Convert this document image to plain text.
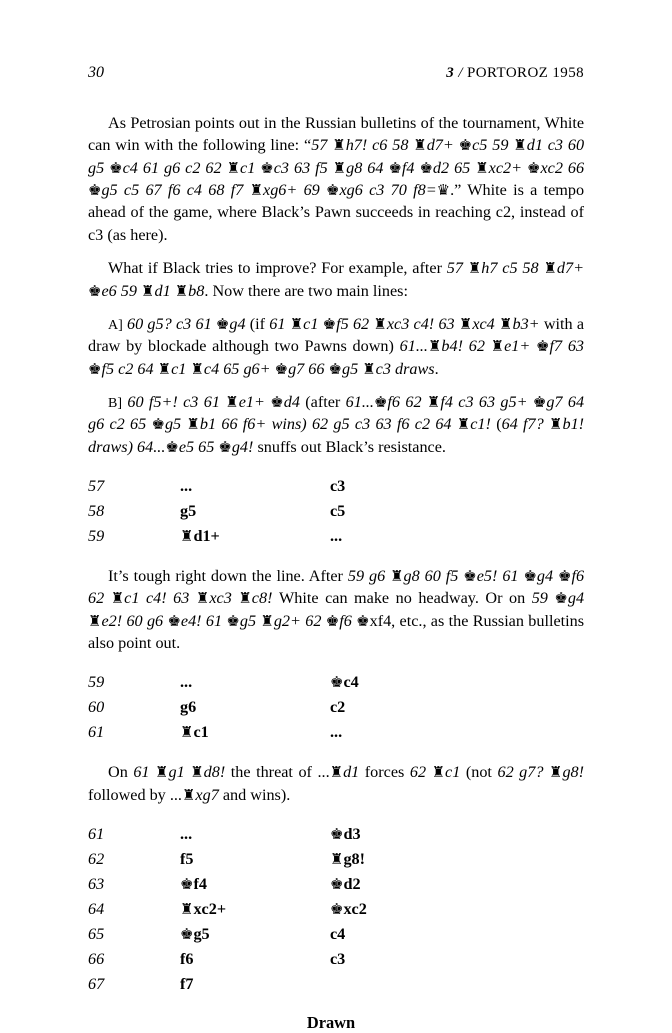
30	3 / PORTOROZ 1958

As Petrosian points out in the Russian bulletins of the tournament, White can win with the following line: “57 ♜h7! c6 58 ♜d7+ ♚c5 59 ♜d1 c3 60 g5 ♚c4 61 g6 c2 62 ♜c1 ♚c3 63 f5 ♜g8 64 ♚f4 ♚d2 65 ♜xc2+ ♚xc2 66 ♚g5 c5 67 f6 c4 68 f7 ♜xg6+ 69 ♚xg6 c3 70 f8=♛.” White is a tempo ahead of the game, where Black’s Pawn succeeds in reaching c2, instead of c3 (as here).

What if Black tries to improve? For example, after 57 ♜h7 c5 58 ♜d7+ ♚e6 59 ♜d1 ♜b8. Now there are two main lines:

A] 60 g5? c3 61 ♚g4 (if 61 ♜c1 ♚f5 62 ♜xc3 c4! 63 ♜xc4 ♜b3+ with a draw by blockade although two Pawns down) 61...♜b4! 62 ♜e1+ ♚f7 63 ♚f5 c2 64 ♜c1 ♜c4 65 g6+ ♚g7 66 ♚g5 ♜c3 draws.

B] 60 f5+! c3 61 ♜e1+ ♚d4 (after 61...♚f6 62 ♜f4 c3 63 g5+ ♚g7 64 g6 c2 65 ♚g5 ♜b1 66 f6+ wins) 62 g5 c3 63 f6 c2 64 ♜c1! (64 f7? ♜b1! draws) 64...♚e5 65 ♚g4! snuffs out Black’s resistance.

57	...	c3
58	g5	c5
59	♜d1+	...

It’s tough right down the line. After 59 g6 ♜g8 60 f5 ♚e5! 61 ♚g4 ♚f6 62 ♜c1 c4! 63 ♜xc3 ♜c8! White can make no headway. Or on 59 ♚g4 ♜e2! 60 g6 ♚e4! 61 ♚g5 ♜g2+ 62 ♚f6 ♚xf4, etc., as the Russian bulletins also point out.

59	...	♚c4
60	g6	c2
61	♜c1	...

On 61 ♜g1 ♜d8! the threat of ...♜d1 forces 62 ♜c1 (not 62 g7? ♜g8! followed by ...♜xg7 and wins).

61	...	♚d3
62	f5	♜g8!
63	♚f4	♚d2
64	♜xc2+	♚xc2
65	♚g5	c4
66	f6	c3
67	f7	
Drawn
